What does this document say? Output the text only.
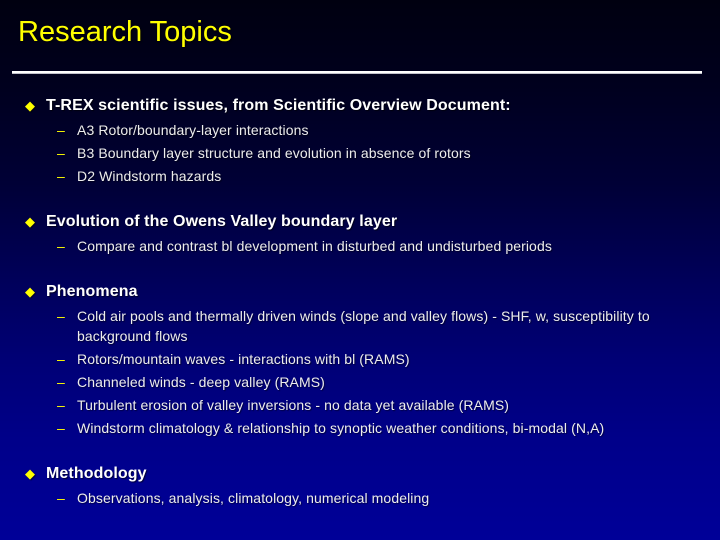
Research Topics
◆ T-REX scientific issues, from Scientific Overview Document:
– A3 Rotor/boundary-layer interactions
– B3 Boundary layer structure and evolution in absence of rotors
– D2 Windstorm hazards
◆ Evolution of the Owens Valley boundary layer
– Compare and contrast bl development in disturbed and undisturbed periods
◆ Phenomena
– Cold air pools and thermally driven winds (slope and valley flows) - SHF, w, susceptibility to background flows
– Rotors/mountain waves - interactions with bl (RAMS)
– Channeled winds - deep valley (RAMS)
– Turbulent erosion of valley inversions - no data yet available (RAMS)
– Windstorm climatology & relationship to synoptic weather conditions, bi-modal (N,A)
◆ Methodology
– Observations, analysis, climatology, numerical modeling
